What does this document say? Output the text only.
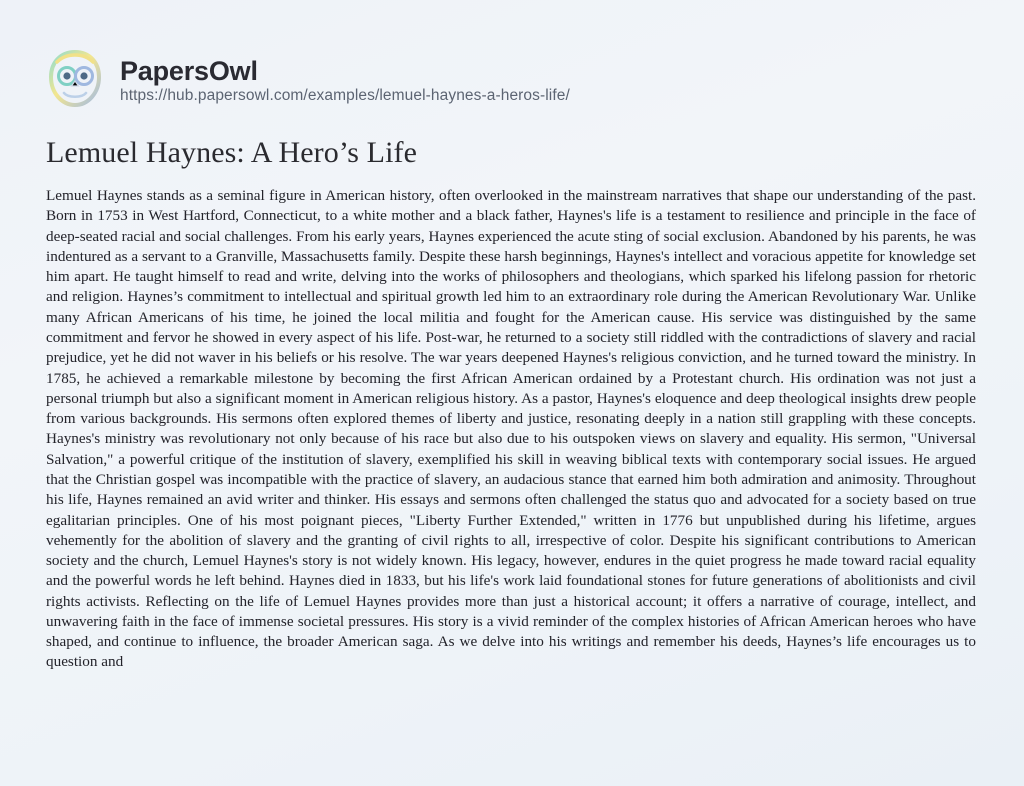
PapersOwl
https://hub.papersowl.com/examples/lemuel-haynes-a-heros-life/
Lemuel Haynes: A Hero’s Life

Lemuel Haynes stands as a seminal figure in American history, often overlooked in the mainstream narratives that shape our understanding of the past. Born in 1753 in West Hartford, Connecticut, to a white mother and a black father, Haynes's life is a testament to resilience and principle in the face of deep-seated racial and social challenges. From his early years, Haynes experienced the acute sting of social exclusion. Abandoned by his parents, he was indentured as a servant to a Granville, Massachusetts family. Despite these harsh beginnings, Haynes's intellect and voracious appetite for knowledge set him apart. He taught himself to read and write, delving into the works of philosophers and theologians, which sparked his lifelong passion for rhetoric and religion. Haynes’s commitment to intellectual and spiritual growth led him to an extraordinary role during the American Revolutionary War. Unlike many African Americans of his time, he joined the local militia and fought for the American cause. His service was distinguished by the same commitment and fervor he showed in every aspect of his life. Post-war, he returned to a society still riddled with the contradictions of slavery and racial prejudice, yet he did not waver in his beliefs or his resolve. The war years deepened Haynes's religious conviction, and he turned toward the ministry. In 1785, he achieved a remarkable milestone by becoming the first African American ordained by a Protestant church. His ordination was not just a personal triumph but also a significant moment in American religious history. As a pastor, Haynes's eloquence and deep theological insights drew people from various backgrounds. His sermons often explored themes of liberty and justice, resonating deeply in a nation still grappling with these concepts. Haynes's ministry was revolutionary not only because of his race but also due to his outspoken views on slavery and equality. His sermon, "Universal Salvation," a powerful critique of the institution of slavery, exemplified his skill in weaving biblical texts with contemporary social issues. He argued that the Christian gospel was incompatible with the practice of slavery, an audacious stance that earned him both admiration and animosity. Throughout his life, Haynes remained an avid writer and thinker. His essays and sermons often challenged the status quo and advocated for a society based on true egalitarian principles. One of his most poignant pieces, "Liberty Further Extended," written in 1776 but unpublished during his lifetime, argues vehemently for the abolition of slavery and the granting of civil rights to all, irrespective of color. Despite his significant contributions to American society and the church, Lemuel Haynes's story is not widely known. His legacy, however, endures in the quiet progress he made toward racial equality and the powerful words he left behind. Haynes died in 1833, but his life's work laid foundational stones for future generations of abolitionists and civil rights activists. Reflecting on the life of Lemuel Haynes provides more than just a historical account; it offers a narrative of courage, intellect, and unwavering faith in the face of immense societal pressures. His story is a vivid reminder of the complex histories of African American heroes who have shaped, and continue to influence, the broader American saga. As we delve into his writings and remember his deeds, Haynes’s life encourages us to question and
